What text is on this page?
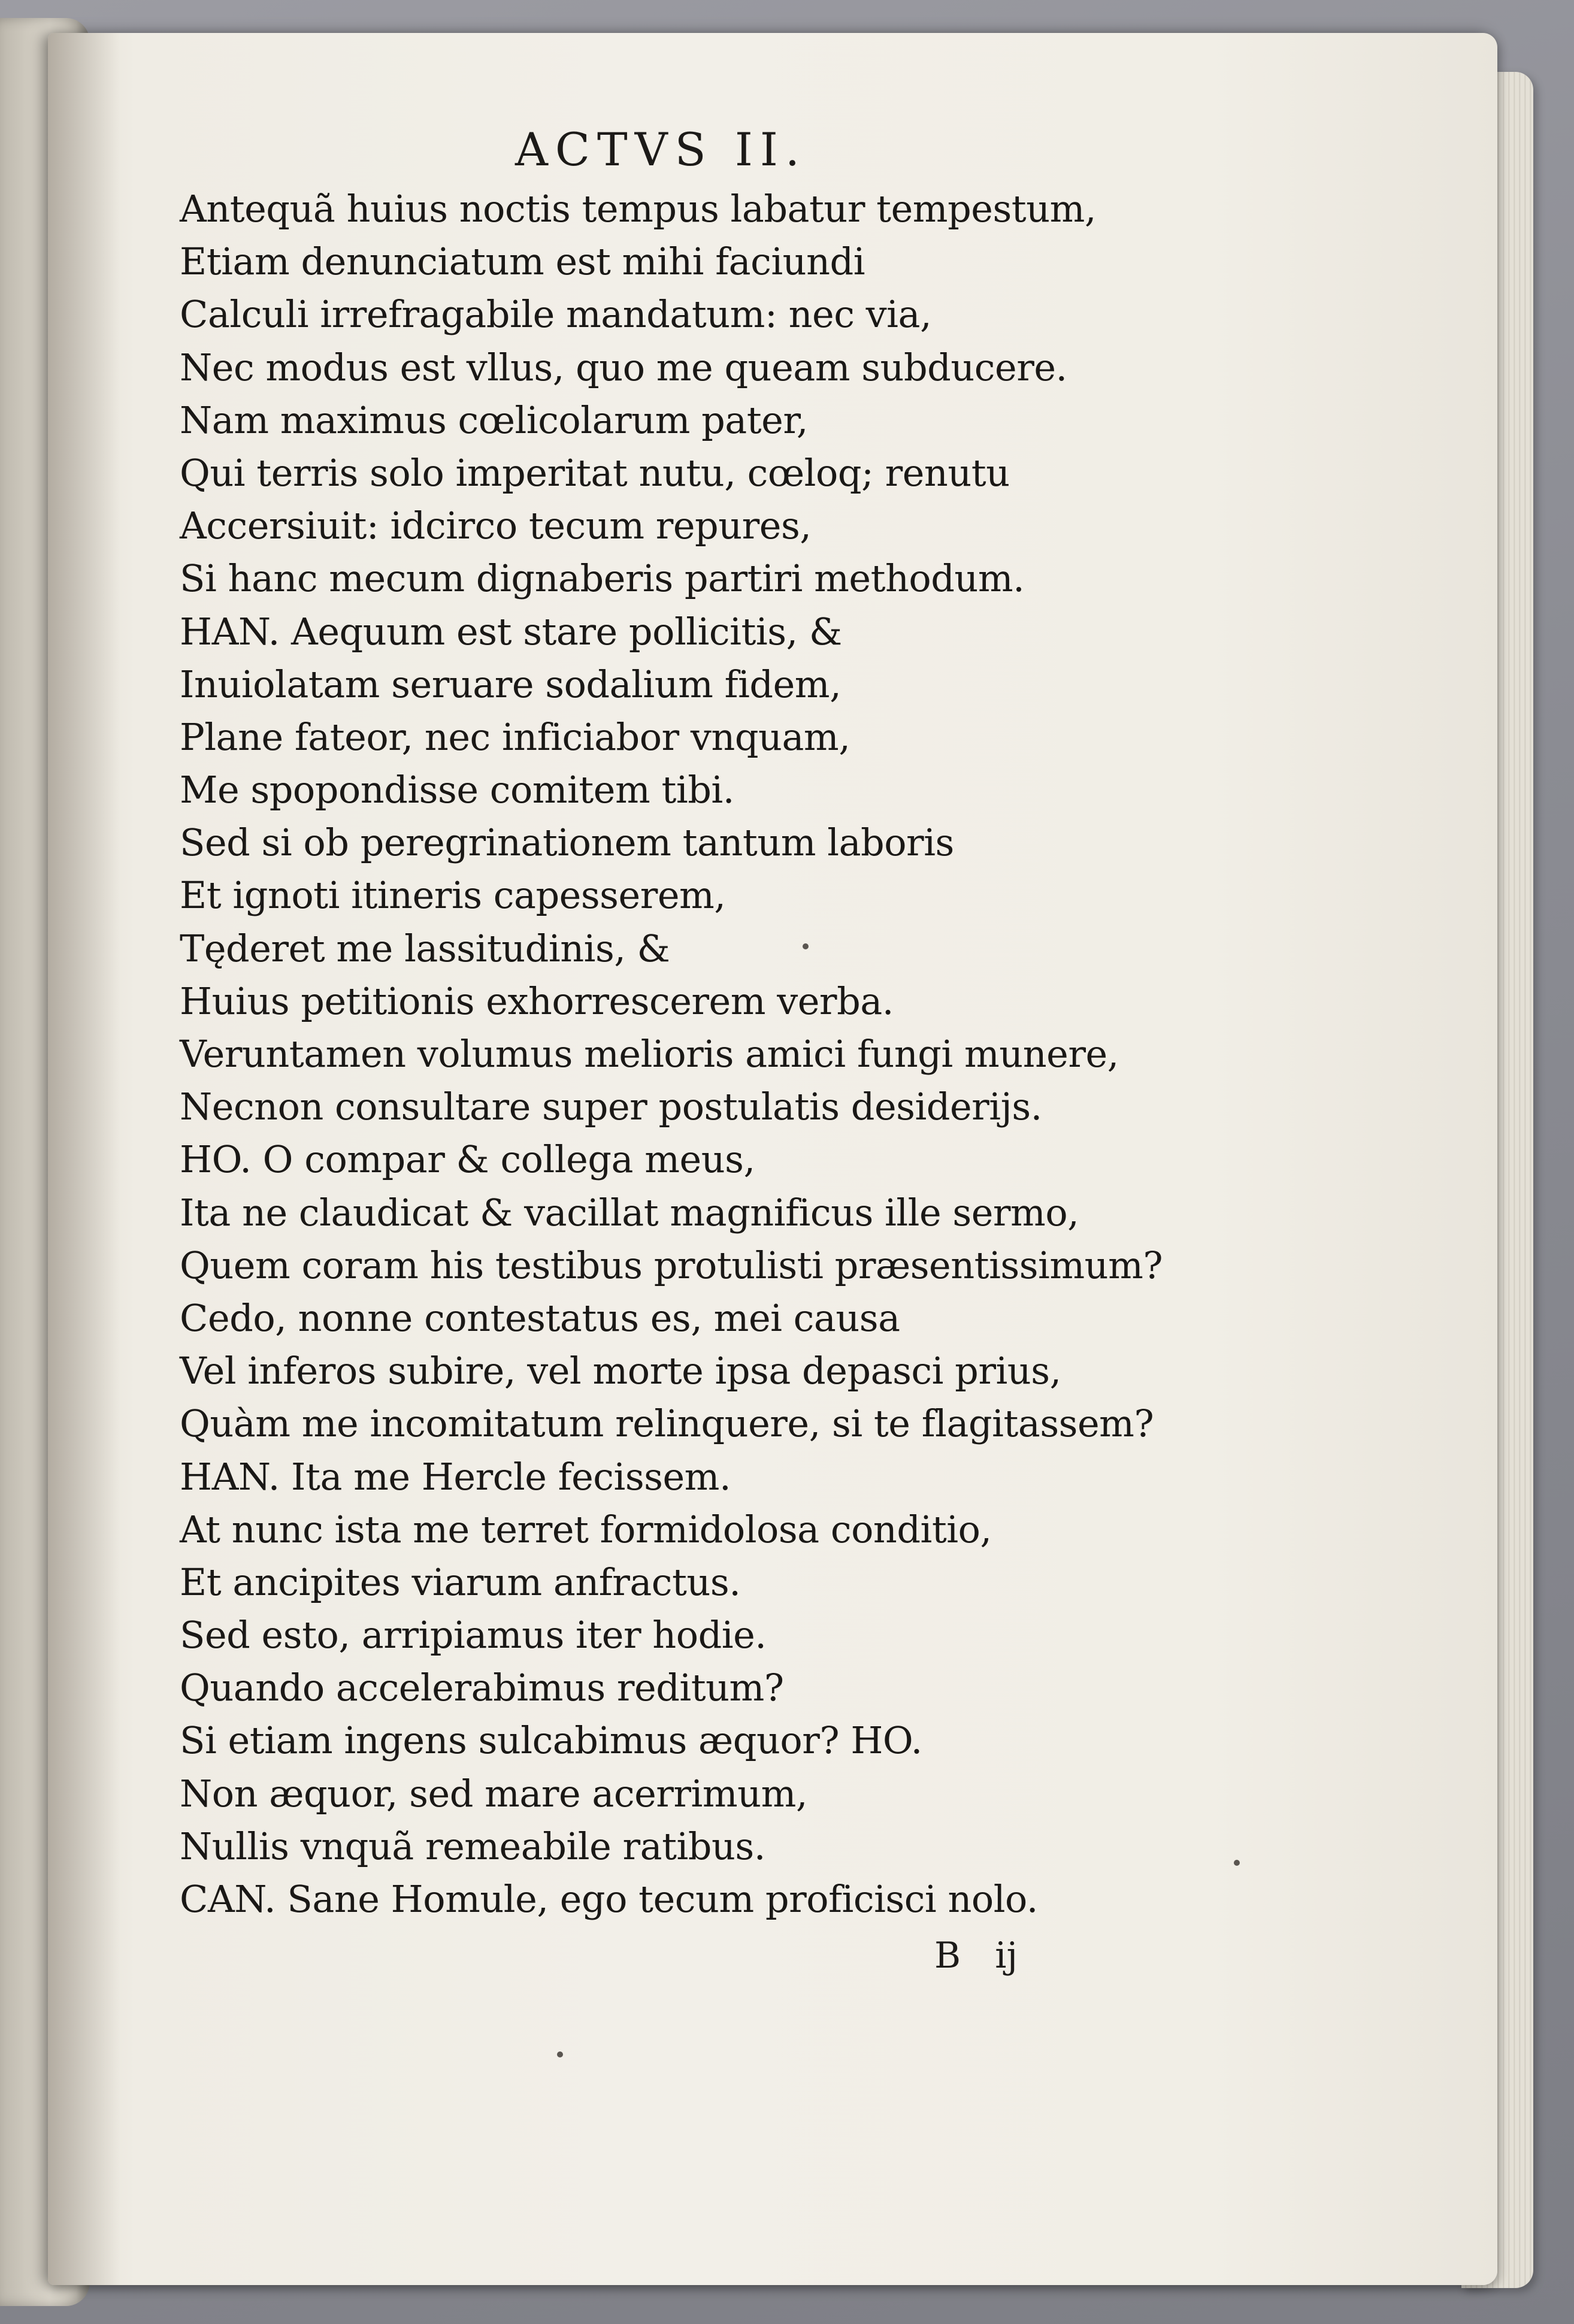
ACTVS II.
Antequã huius noctis tempus labatur tempestum,
Etiam denunciatum est mihi faciundi
Calculi irrefragabile mandatum: nec via,
Nec modus est vllus, quo me queam subducere.
Nam maximus cœlicolarum pater,
Qui terris solo imperitat nutu, cœloq; renutu
Accersiuit: idcirco tecum repures,
Si hanc mecum dignaberis partiri methodum.
HAN. Aequum est stare pollicitis, &
Inuiolatam seruare sodalium fidem,
Plane fateor, nec inficiabor vnquam,
Me spopondisse comitem tibi.
Sed si ob peregrinationem tantum laboris
Et ignoti itineris capesserem,
Tęderet me lassitudinis, &
Huius petitionis exhorrescerem verba.
Veruntamen volumus melioris amici fungi munere,
Necnon consultare super postulatis desiderijs.
HO. O compar & collega meus,
Ita ne claudicat & vacillat magnificus ille sermo,
Quem coram his testibus protulisti præsentissimum?
Cedo, nonne contestatus es, mei causa
Vel inferos subire, vel morte ipsa depasci prius,
Quàm me incomitatum relinquere, si te flagitassem?
HAN. Ita me Hercle fecissem.
At nunc ista me terret formidolosa conditio,
Et ancipites viarum anfractus.
Sed esto, arripiamus iter hodie.
Quando accelerabimus reditum?
Si etiam ingens sulcabimus æquor? HO.
Non æquor, sed mare acerrimum,
Nullis vnquã remeabile ratibus.
CAN. Sane Homule, ego tecum proficisci nolo.
B   ij
